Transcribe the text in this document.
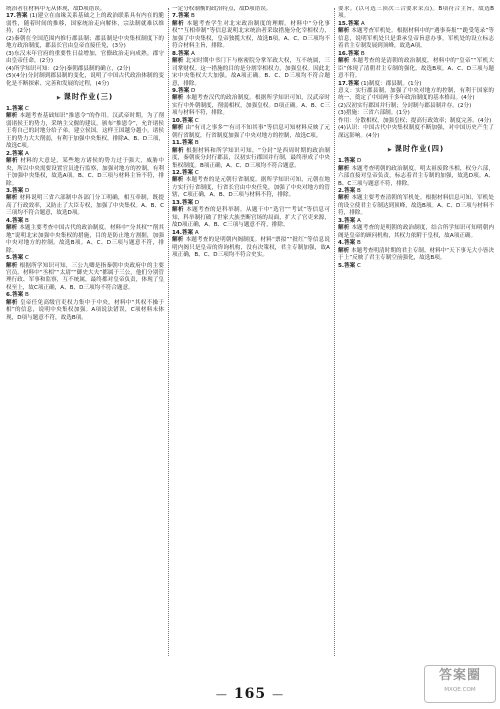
统治者在材料中无从体现，故D项错误。

17.答案 (1)建立在血缘关系基础之上的政治联系具有内在的脆弱性，随着时间的推移，国家统治走向解体，宗法制就难以维持，(2分)

(2)秦朝在全国范围内推行郡县制；郡县制是中央集权制度下的地方政治制度，郡县长官由皇帝直接任免，(3分)

(3)东汉末年官府的重要性日益增加，官僚政治走向成熟。郡守由皇帝任命，(2分)

(4)所学知识可知：(2分)秦朝郡县制的确立，(2分)

(5)(4分)分封制到郡县制的变化，说明了中国古代政治体制的变化是不断探索、完善和发展的过程，(4分)

▶ 课时作业(三)

1.答案 C

解析 本题考查基础知识“推恩令”的作用。汉武帝时期，为了削弱诸侯王的势力，采纳主父偃的建议，颁布“推恩令”，允许诸侯王将自己的封地分给子弟，建立侯国。这样王国越分越小，诸侯王的势力大大削弱，有利于加强中央集权。排除A、B、D三项，故选C项。

2.答案 A

解析 材料的大意是，某些地方诸侯的势力过于强大，威胁中央，所以中央需要设置官员进行监察，加强对地方的控制，有利于加强中央集权，故选A项。B、C、D三项与材料主旨不符，排除。

3.答案 D

解析 材料说明三省六部制中各部门分工明确，相互牵制，既提高了行政效率，又防止了大臣专权，加强了中央集权。A、B、C三项均不符合题意，故选D项。

4.答案 B

解析 本题主要考查中国古代的政治制度。材料中“分其权”“削其地”说明北宋加强中央集权的措施，目的是防止地方割据，加强中央对地方的控制。故选B项。A、C、D三项与题意不符，排除。

5.答案 C

解析 根据所学知识可知，三公九卿是指秦朝中央政府中的主要官员。材料中“丞相”“太尉”“御史大夫”都属于三公，他们分别管理行政、军事和监察，互不统属，最终都对皇帝负责，体现了皇权至上，故C项正确，A、B、D三项均不符合题意。

6.答案 B

解析 皇帝任免高级官吏权力集中于中央，材料中“其权不操于相”的信息，说明中央集权加强。A项说法错误，C项材料未体现，D项与题意不符，故选B项。

一定分权制衡的政治特点，故D项错误。

7.答案 B

解析 本题考查学生对北宋政治制度的理解。材料中“分化事权”“互相牵制”等信息说明北宋统治者采取措施分化宰相权力，加强了中央集权，皇帝独揽大权，故选B项。A、C、D三项均不符合材料主旨，排除。

8.答案 A

解析 北宋时期中书门下与枢密院分掌军政大权，互不统属，三司掌财权。这一措施的目的是分割宰相权力，加强皇权。因此北宋中央集权大大加强，故A项正确。B、C、D三项均不符合题意，排除。

9.答案 D

解析 本题考查汉代的政治制度。根据所学知识可知，汉武帝时实行中外朝制度，削弱相权，加强皇权。D项正确。A、B、C三项与材料不符，排除。

10.答案 C

解析 由“有司之事多”“有司不知其事”等信息可知材料反映了元朝行省制度，行省制度加强了中央对地方的控制，故选C项。

11.答案 B

解析 根据材料和所学知识可知，“分封”是西周时期的政治制度，秦朝废分封行郡县，汉初实行郡国并行制，最终形成了中央集权制度。B项正确，A、C、D三项均不符合题意。

12.答案 C

解析 本题考查的是元朝行省制度。据所学知识可知，元朝在地方实行行省制度，行省长官由中央任免，加强了中央对地方的管辖，C项正确，A、B、D三项与材料不符，排除。

13.答案 D

解析 本题考查的是科举制。从题干中“选官”“考试”等信息可知，科举制打破了世家大族垄断官场的局面，扩大了官吏来源，故D项正确，A、B、C三项与题意不符，排除。

14.答案 A

解析 本题考查的是明朝内阁制度。材料“票拟”“批红”等信息说明内阁只是皇帝的咨询机构，没有决策权，君主专制加强，故A项正确，B、C、D三项均不符合史实。

要求。(以可选三顶次三合要求采点)。B项符合主旨，故选B项。

15.答案 A

解析 本题考查军机处。根据材料中的“遇事奏报”“跪受笔录”等信息，说明军机处只是秉承皇帝旨意办事，军机处的设立标志着君主专制发展到顶峰，故选A项。

16.答案 B

解析 本题考查的是清朝的政治制度，材料中的“皇帝”“军机大臣”体现了清朝君主专制的强化，故选B项。A、C、D三项与题意不符。

17.答案 (1)制度：郡县制。(1分)

意义：实行郡县制，加强了中央对地方的控制，有利于国家的统一，奠定了中国两千多年政治制度的基本格局。(4分)

(2)汉初实行郡国并行制；分封制与郡县制并存。(2分)

(3)措施：三省六部制。(1分)

作用：分散相权，加强皇权；提高行政效率；制度完善。(4分)

(4)认识：中国古代中央集权制度不断加强，对中国历史产生了深远影响。(4分)

▶ 课时作业(四)

1.答案 D

解析 本题考查明朝的政治制度。明太祖废除丞相，权分六部，六部直接对皇帝负责，标志着君主专制的加强，故选D项。A、B、C三项与题意不符，排除。

2.答案 B

解析 本题主要考查清朝的军机处。根据材料信息可知，军机处的设立使君主专制达到顶峰，故选B项。A、C、D三项与材料不符，排除。

3.答案 A

解析 本题考查的是明朝的政治制度，结合所学知识可知明朝内阁是皇帝的顾问机构，其权力依附于皇权，故A项正确。

4.答案 B

解析 本题考查明清时期的君主专制。材料中“天下事无大小皆决于上”反映了君主专制空前强化，故选B项。

5.答案 C

— 165 —
答案圈
MXQE.COM
